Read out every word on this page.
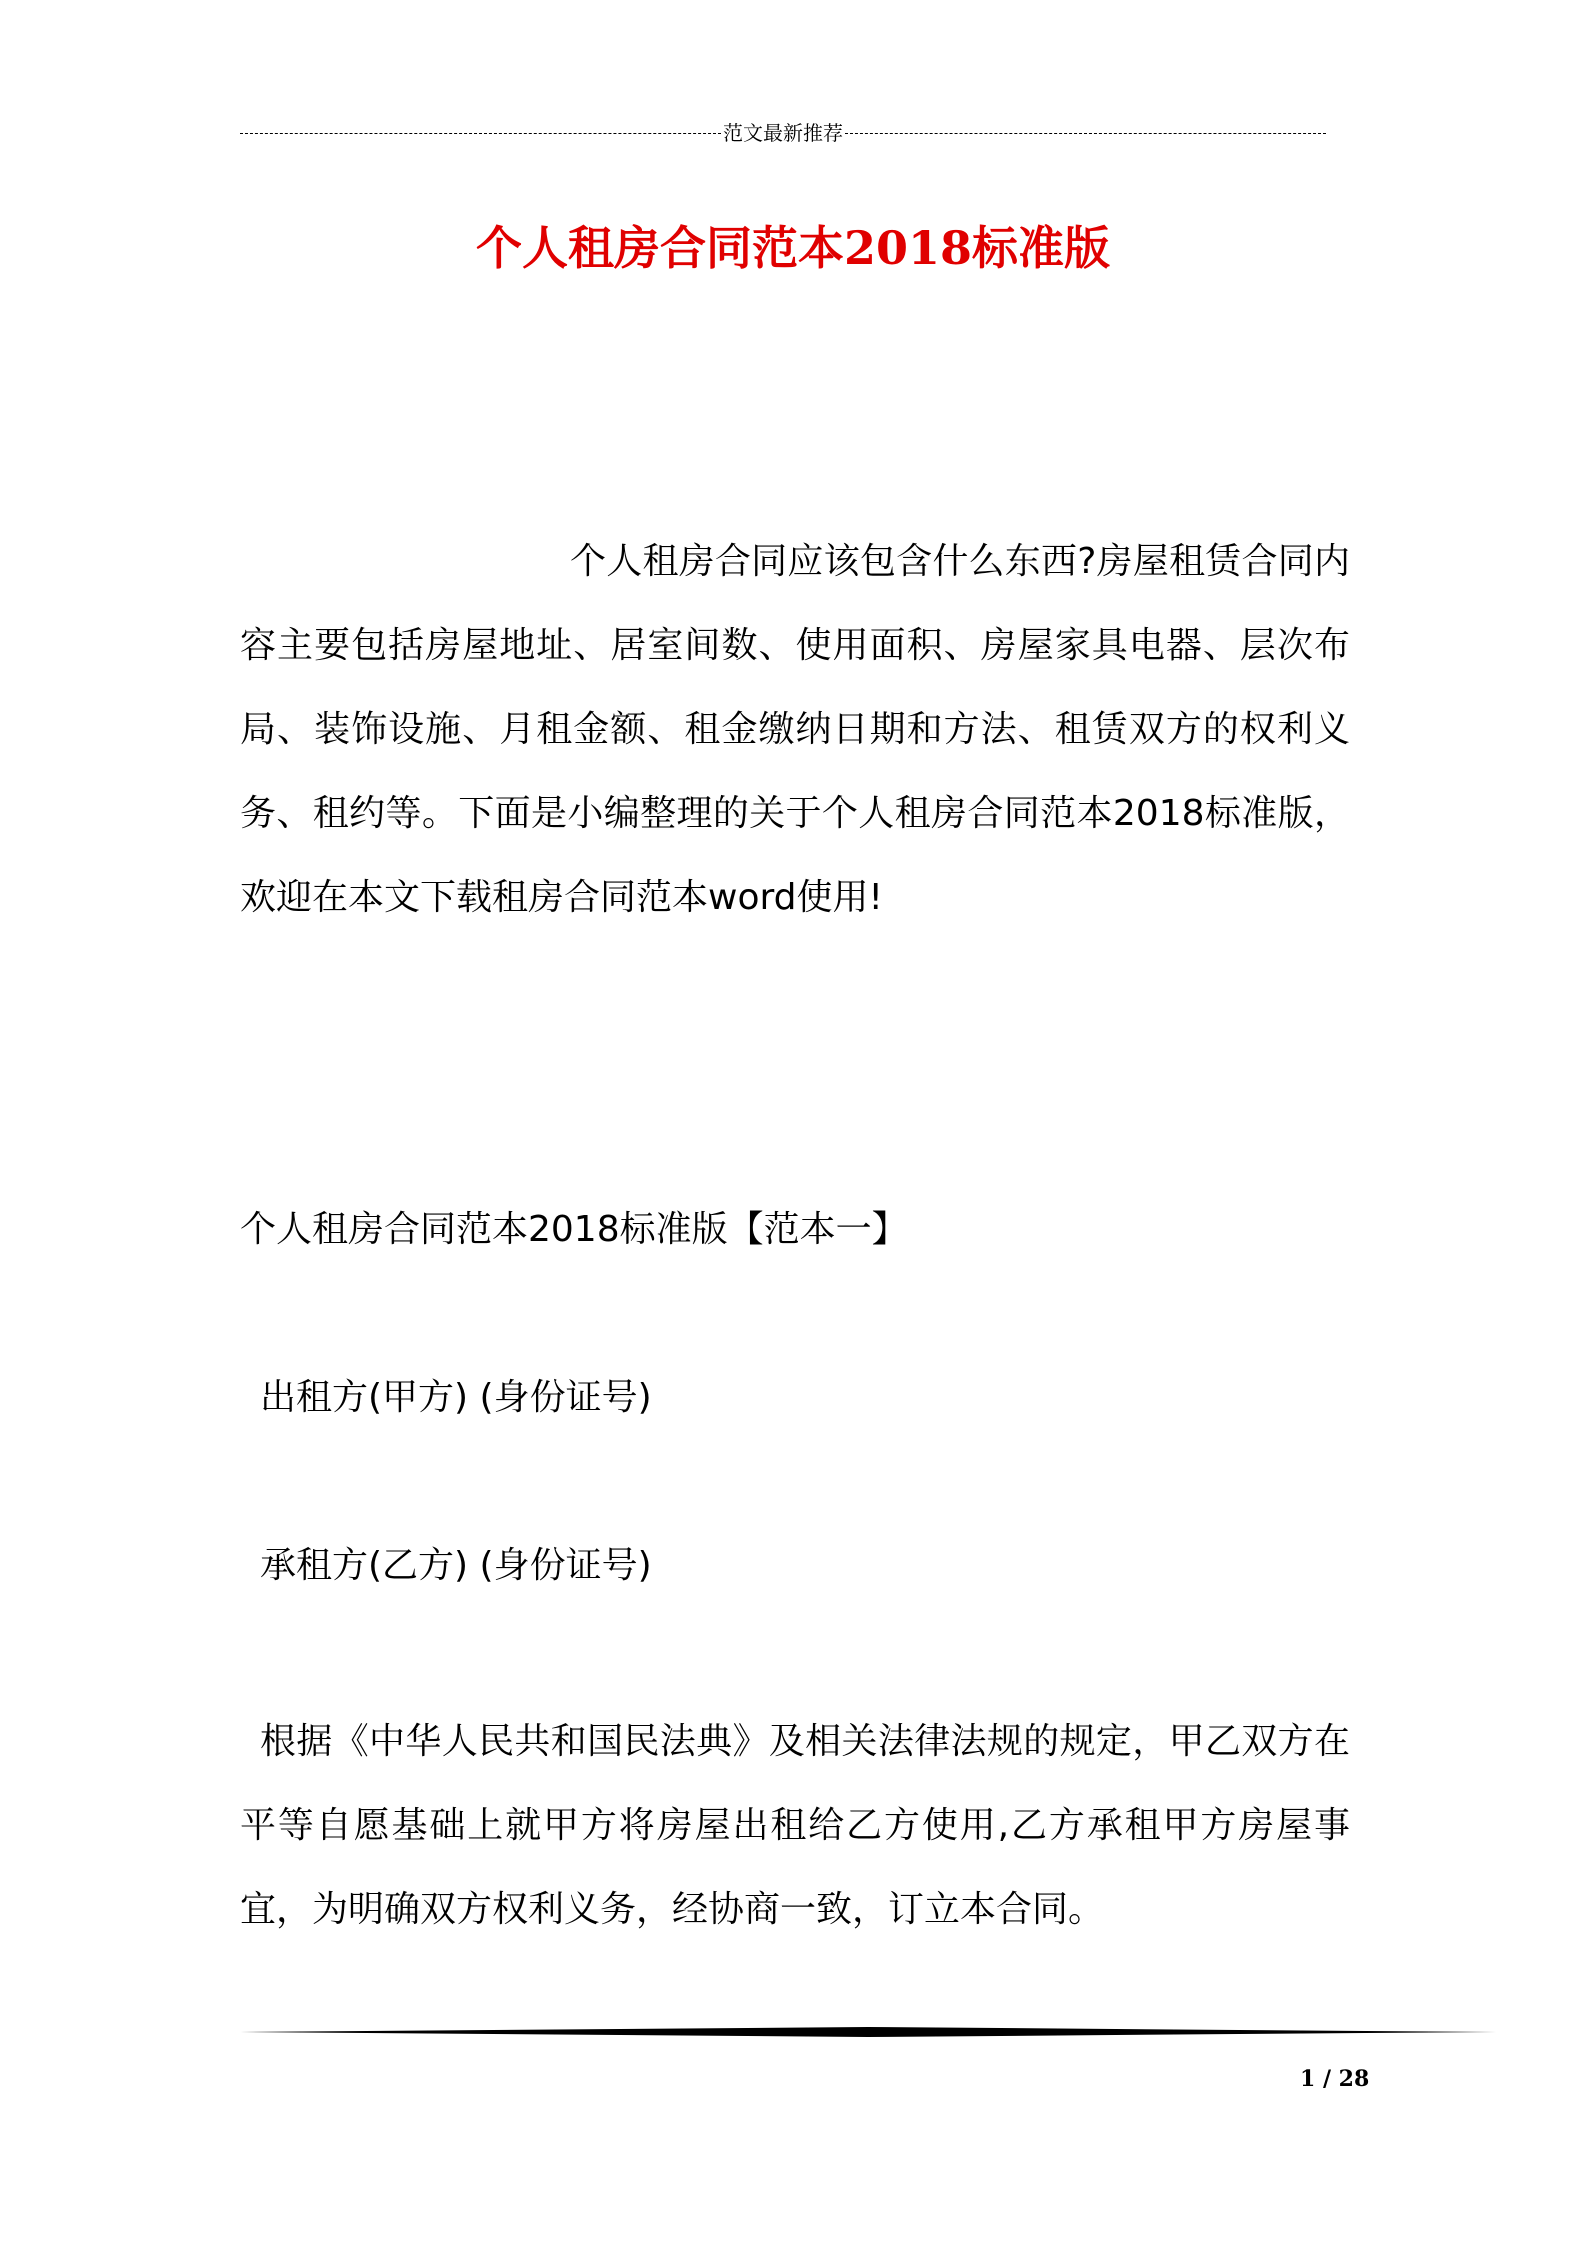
范文最新推荐
个人租房合同范本2018标准版
个人租房合同应该包含什么东西?房屋租赁合同内容主要包括房屋地址、居室间数、使用面积、房屋家具电器、层次布局、装饰设施、月租金额、租金缴纳日期和方法、租赁双方的权利义务、租约等。下面是小编整理的关于个人租房合同范本2018标准版，欢迎在本文下载租房合同范本word使用!
个人租房合同范本2018标准版【范本一】
出租方(甲方) (身份证号)
承租方(乙方) (身份证号)
根据《中华人民共和国民法典》及相关法律法规的规定，甲乙双方在平等自愿基础上就甲方将房屋出租给乙方使用,乙方承租甲方房屋事宜，为明确双方权利义务，经协商一致，订立本合同。
1 / 28
